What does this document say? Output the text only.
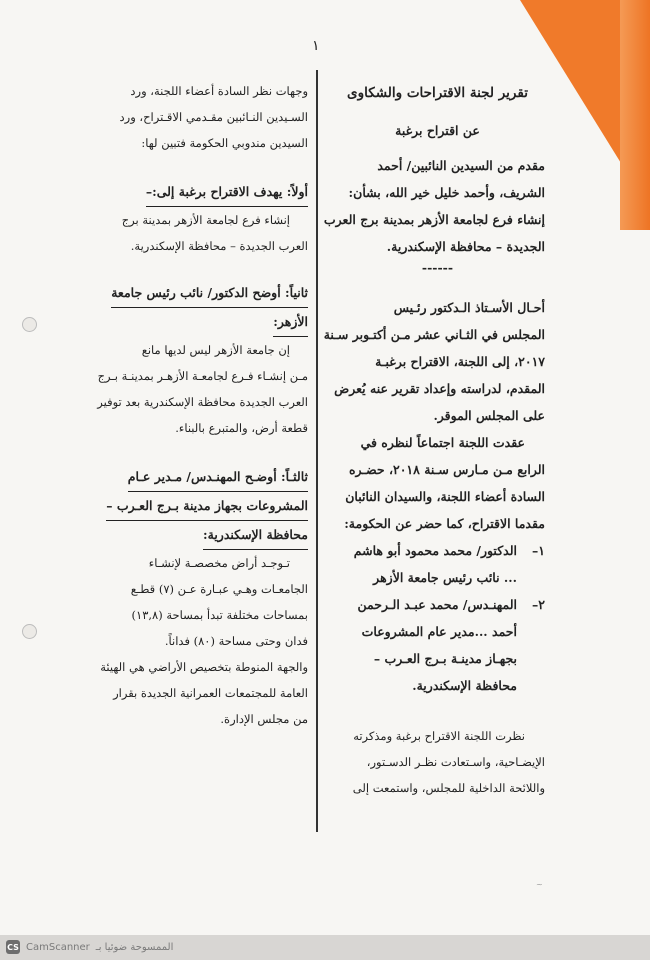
١
تقرير لجنة الاقتراحات والشكاوى
عن اقتراح برغبة
مقدم من السيدين النائبين/ أحمد
الشريف، وأحمد خليل خير الله، بشأن:
إنشاء فرع لجامعة الأزهر بمدينة برج العرب
الجديدة – محافظة الإسكندرية.
------
أحـال الأسـتاذ الـدكتور رئـيس
المجلس في الثـاني عشر مـن أكتـوبر سـنة
٢٠١٧، إلى اللجنة، الاقتراح برغبـة
المقدم، لدراسته وإعداد تقرير عنه يُعرض
على المجلس الموقر.
عقدت اللجنة اجتماعاً لنظره في
الرابع مـن مـارس سـنة ٢٠١٨، حضـره
السادة أعضاء اللجنة، والسيدان النائبان
مقدما الاقتراح، كما حضر عن الحكومة:
١–الدكتور/ محمد محمود أبو هاشم
... نائب رئيس جامعة الأزهر
٢–المهنـدس/ محمد عبـد الـرحمن
أحمد ...مدير عام المشروعات
بجهـاز مدينـة بـرج العـرب –
محافظة الإسكندرية.
نظرت اللجنة الاقتراح برغبة ومذكرته
الإيضـاحية، واسـتعادت نظـر الدسـتور،
واللائحة الداخلية للمجلس، واستمعت إلى
وجهات نظر السادة أعضاء اللجنة، ورد
السـيدين النـائبين مقـدمي الاقـتراح، ورد
السيدين مندوبي الحكومة فتبين لها:
أولاً: يهدف الاقتراح برغبة إلى:–
إنشاء فرع لجامعة الأزهر بمدينة برج
العرب الجديدة – محافظة الإسكندرية.
ثانياً: أوضح الدكتور/ نائب رئيس جامعة
الأزهر:
إن جامعة الأزهر ليس لديها مانع
مـن إنشـاء فـرع لجامعـة الأزهـر بمدينـة بـرج
العرب الجديدة محافظة الإسكندرية بعد توفير
قطعة أرض، والمتبرع بالبناء.
ثالثـاً: أوضـح المهنـدس/ مـدير عـام
المشروعات بجهاز مدينة بـرج العـرب –
محافظة الإسكندرية:
تـوجـد أراض مخصصـة لإنشـاء
الجامعـات وهـي عبـارة عـن (٧) قطـع
بمساحات مختلفة تبدأ بمساحة (١٣,٨)
فدان وحتى مساحة (٨٠) فداناً.
والجهة المنوطة بتخصيص الأراضي هي الهيئة
العامة للمجتمعات العمرانية الجديدة بقرار
من مجلس الإدارة.
~
CS CamScanner الممسوحة ضوئيا بـ
